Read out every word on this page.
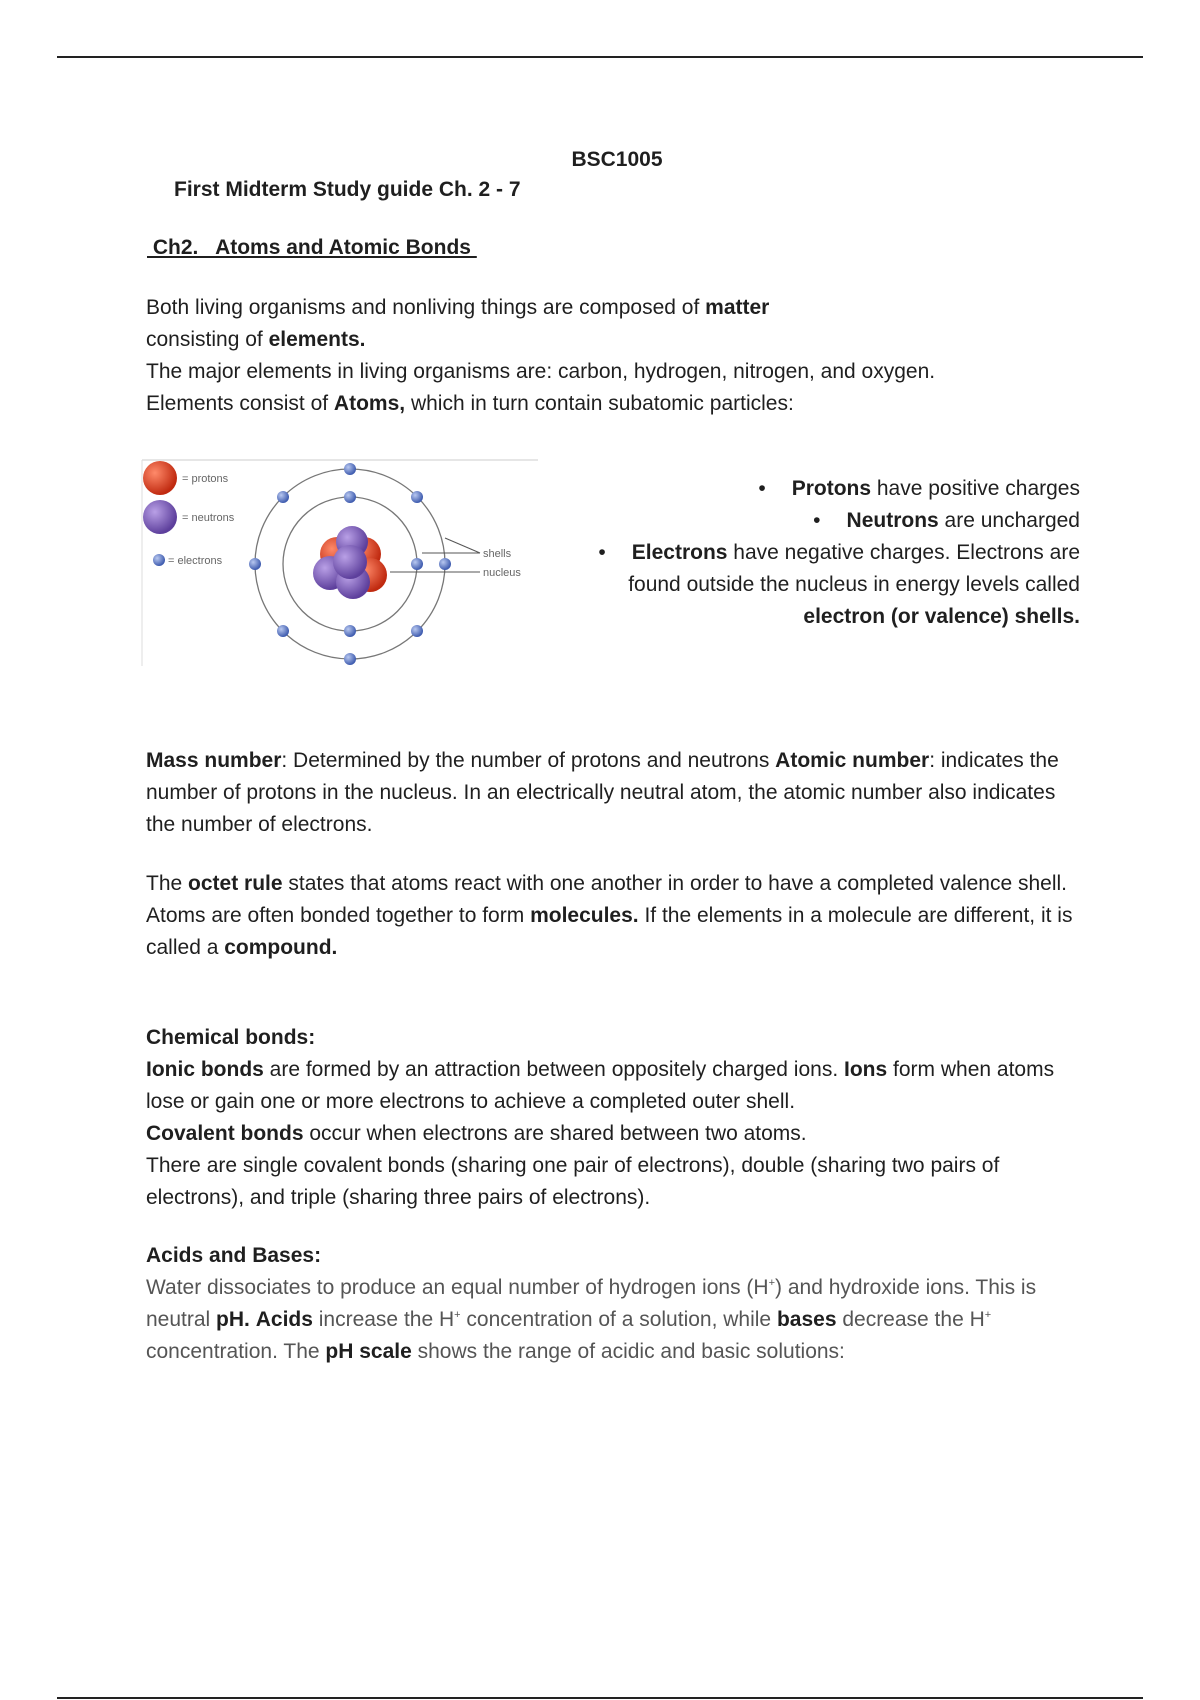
BSC1005
First Midterm Study guide Ch. 2 - 7
Ch2.   Atoms and Atomic Bonds

Both living organisms and nonliving things are composed of matter

consisting of elements.

The major elements in living organisms are: carbon, hydrogen, nitrogen, and oxygen.

Elements consist of Atoms, which in turn contain subatomic particles:

= protons
= neutrons
= electrons
shells
nucleus
• Protons have positive charges
• Neutrons are uncharged
• Electrons have negative charges. Electrons are
found outside the nucleus in energy levels called
electron (or valence) shells.

Mass number: Determined by the number of protons and neutrons Atomic number: indicates the number of protons in the nucleus. In an electrically neutral atom, the atomic number also indicates the number of electrons.

The octet rule states that atoms react with one another in order to have a completed valence shell.

Atoms are often bonded together to form molecules. If the elements in a molecule are different, it is called a compound.

Chemical bonds:

Ionic bonds are formed by an attraction between oppositely charged ions. Ions form when atoms lose or gain one or more electrons to achieve a completed outer shell.

Covalent bonds occur when electrons are shared between two atoms.

There are single covalent bonds (sharing one pair of electrons), double (sharing two pairs of electrons), and triple (sharing three pairs of electrons).

Acids and Bases:

Water dissociates to produce an equal number of hydrogen ions (H+) and hydroxide ions. This is neutral pH. Acids increase the H+ concentration of a solution, while bases decrease the H+ concentration. The pH scale shows the range of acidic and basic solutions:
